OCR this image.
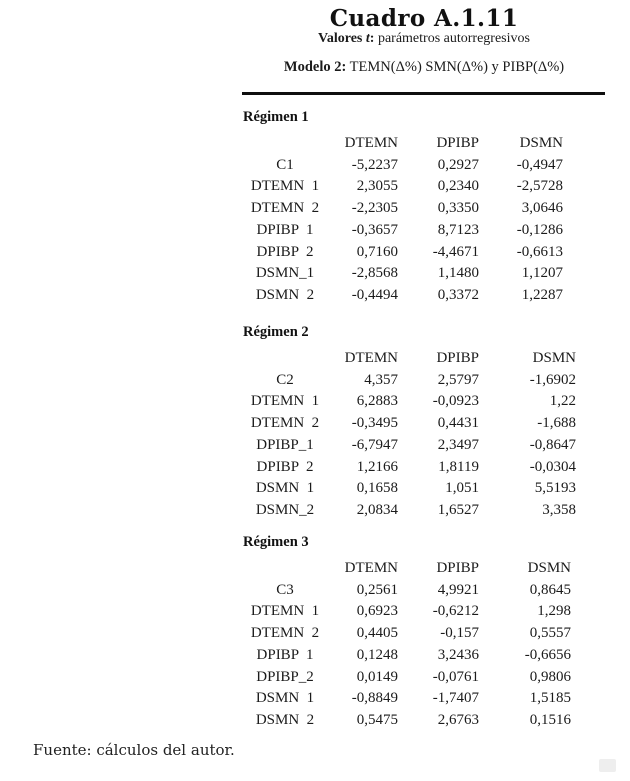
Cuadro A.1.11
Valores t: parámetros autorregresivos
Modelo 2: TEMN(Δ%) SMN(Δ%) y PIBP(Δ%)
Régimen 1
	DTEMN	DPIBP	DSMN
C1	-5,2237	0,2927	-0,4947
DTEMN  1	2,3055	0,2340	-2,5728
DTEMN  2	-2,2305	0,3350	3,0646
DPIBP  1	-0,3657	8,7123	-0,1286
DPIBP  2	0,7160	-4,4671	-0,6613
DSMN_1	-2,8568	1,1480	1,1207
DSMN  2	-0,4494	0,3372	1,2287
Régimen 2
	DTEMN	DPIBP	DSMN
C2	4,357	2,5797	-1,6902
DTEMN  1	6,2883	-0,0923	1,22
DTEMN  2	-0,3495	0,4431	-1,688
DPIBP_1	-6,7947	2,3497	-0,8647
DPIBP  2	1,2166	1,8119	-0,0304
DSMN  1	0,1658	1,051	5,5193
DSMN_2	2,0834	1,6527	3,358
Régimen 3
	DTEMN	DPIBP	DSMN
C3	0,2561	4,9921	0,8645
DTEMN  1	0,6923	-0,6212	1,298
DTEMN  2	0,4405	-0,157	0,5557
DPIBP  1	0,1248	3,2436	-0,6656
DPIBP_2	0,0149	-0,0761	0,9806
DSMN  1	-0,8849	-1,7407	1,5185
DSMN  2	0,5475	2,6763	0,1516
Fuente: cálculos del autor.
